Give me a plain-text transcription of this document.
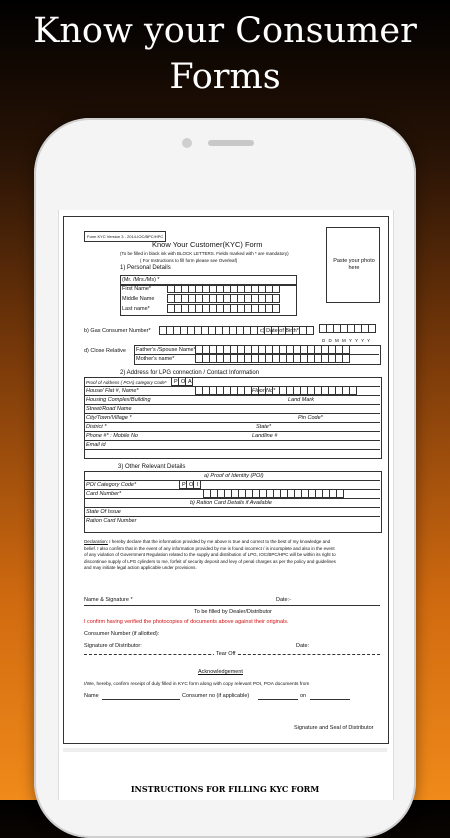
Know your Consumer
Forms
Form KYC Version 3 - 2014-IOC/BPC/HPC
Know Your Customer(KYC) Form
(To be filled in black ink with BLOCK LETTERS. Fields marked with * are mandatory)
( For Instructions to fill form please see Overleaf)	Paste your photo here
1) Personal Details
(Mr. /Mrs./Ms) *
First Name*
Middle Name
Last name*
b) Gas Consumer Number*	c) Date of Birth*
D D M M Y Y Y Y
d) Close Relative Father's /Spouse Name*
Mother's name*
2) Address for LPG connection / Contact Information
Proof of Address ( POA) category Code* P O A
House/ Flat #, Name*	Floor No*
Housing Complex/Building	Land Mark
Street/Road Name
City/Town/Village *	Pin Code*
District *	State*
Phone #* : Mobile No	Landline #
Email id
3) Other Relevant Details
a) Proof of Identity (POI)
POI Category Code*	P O I
Card Number*
b) Ration Card Details if Available
State Of Issue
Ration Card Number
Declaration: I hereby declare that the information provided by me above is true and correct to the best of my knowledge and
belief. I also confirm that in the event of any information provided by me is found incorrect / is incomplete and also in the event
of any violation of Government Regulation related to the supply and distribution of LPG, IOC/BPC/HPC will be within its right to
discontinue supply of LPG cylinders to me, forfeit of security deposit and levy of penal charges as per the policy and guidelines
and may initiate legal action applicable under provisions.
Name & Signature *	Date:-
To be filled by Dealer/Distributor
I confirm having verified the photocopies of documents above against their originals.
Consumer Number (if allotted):
Signature of Distributor:	Date:
Tear Off
Acknowledgement
I/We, hereby, confirm receipt of duly filled in KYC form along with copy relevant POI, POA documents from
Name	Consumer no (if applicable)	on
Signature and Seal of Distributor
INSTRUCTIONS FOR FILLING KYC FORM
